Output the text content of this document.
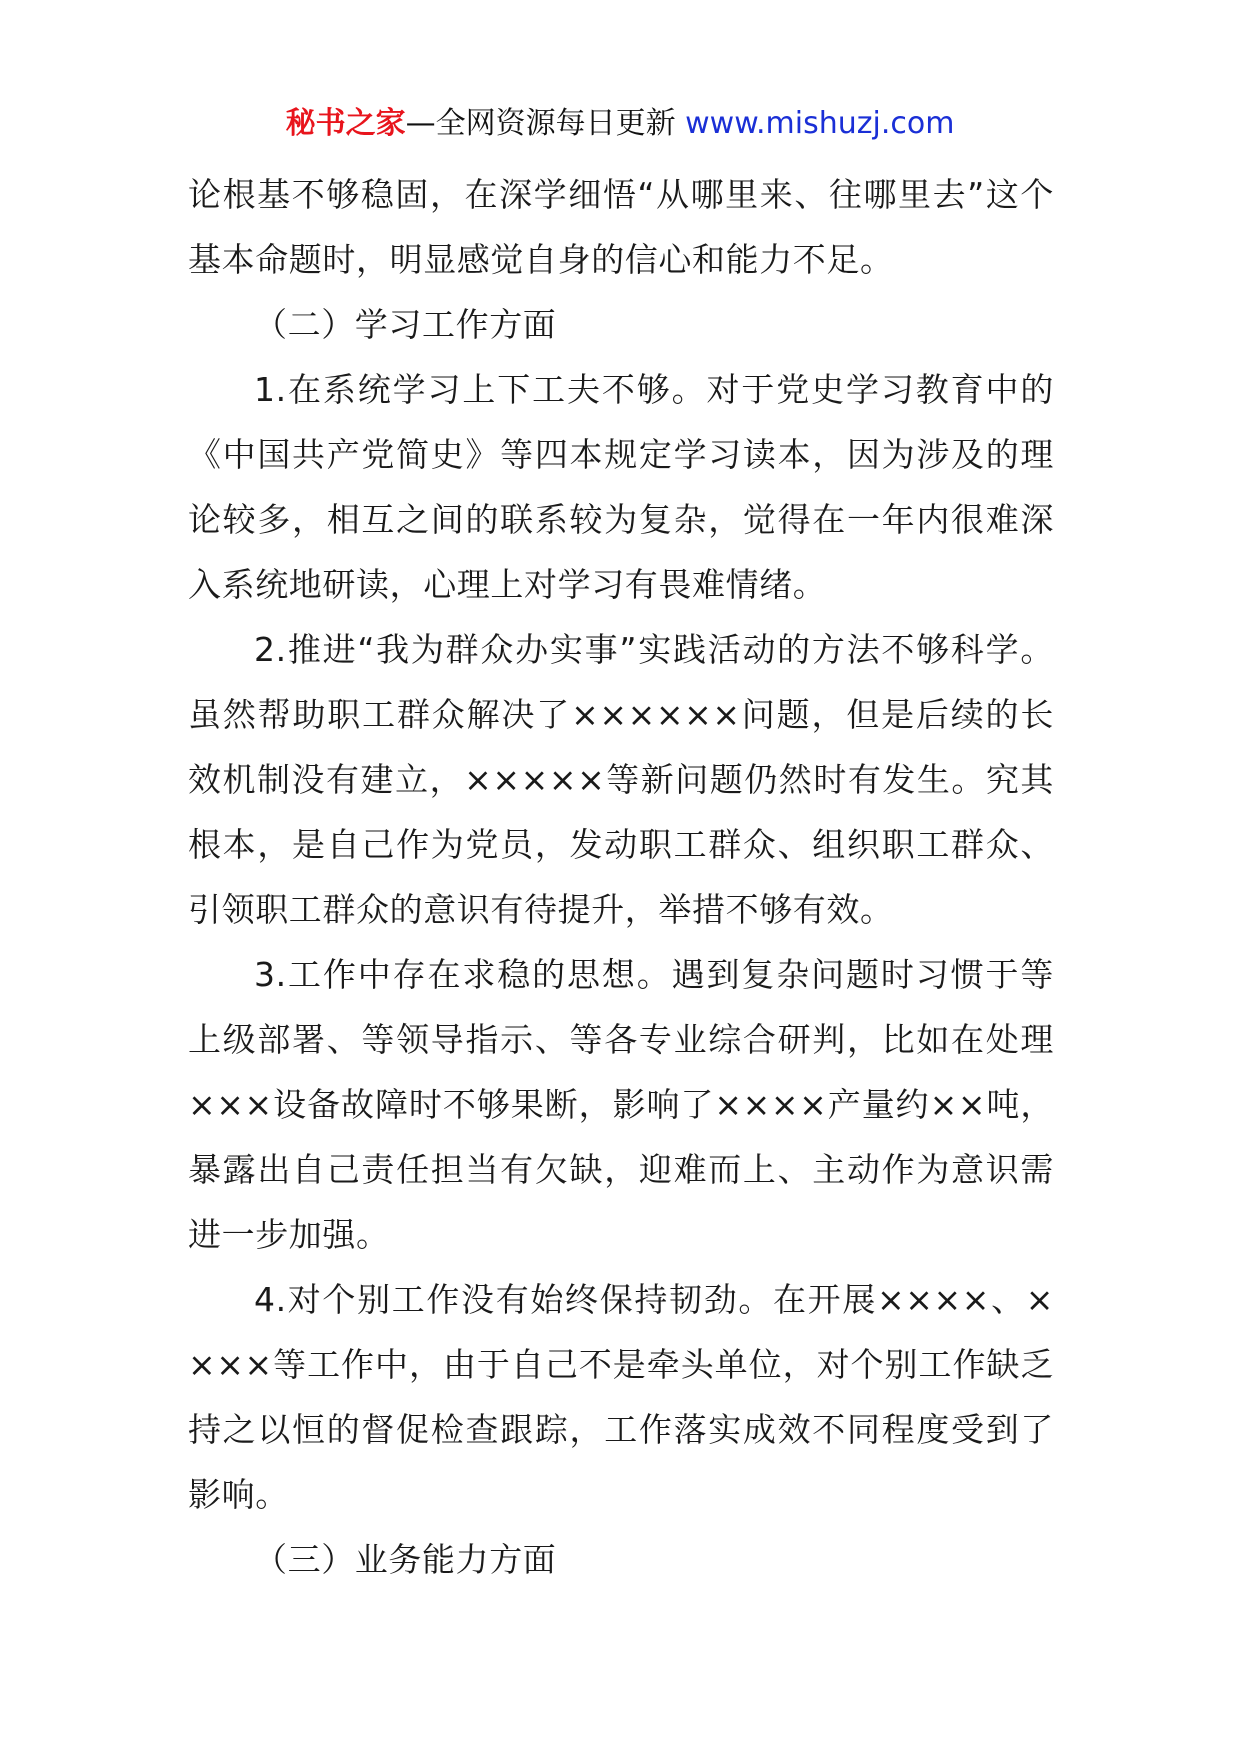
秘书之家—全网资源每日更新 www.mishuzj.com

论根基不够稳固，在深学细悟“从哪里来、往哪里去”这个基本命题时，明显感觉自身的信心和能力不足。

（二）学习工作方面

1.在系统学习上下工夫不够。对于党史学习教育中的《中国共产党简史》等四本规定学习读本，因为涉及的理论较多，相互之间的联系较为复杂，觉得在一年内很难深入系统地研读，心理上对学习有畏难情绪。

2.推进“我为群众办实事”实践活动的方法不够科学。虽然帮助职工群众解决了××××××问题，但是后续的长效机制没有建立，×××××等新问题仍然时有发生。究其根本，是自己作为党员，发动职工群众、组织职工群众、引领职工群众的意识有待提升，举措不够有效。

3.工作中存在求稳的思想。遇到复杂问题时习惯于等上级部署、等领导指示、等各专业综合研判，比如在处理×××设备故障时不够果断，影响了××××产量约××吨，暴露出自己责任担当有欠缺，迎难而上、主动作为意识需进一步加强。

4.对个别工作没有始终保持韧劲。在开展××××、××××等工作中，由于自己不是牵头单位，对个别工作缺乏持之以恒的督促检查跟踪，工作落实成效不同程度受到了影响。

（三）业务能力方面
